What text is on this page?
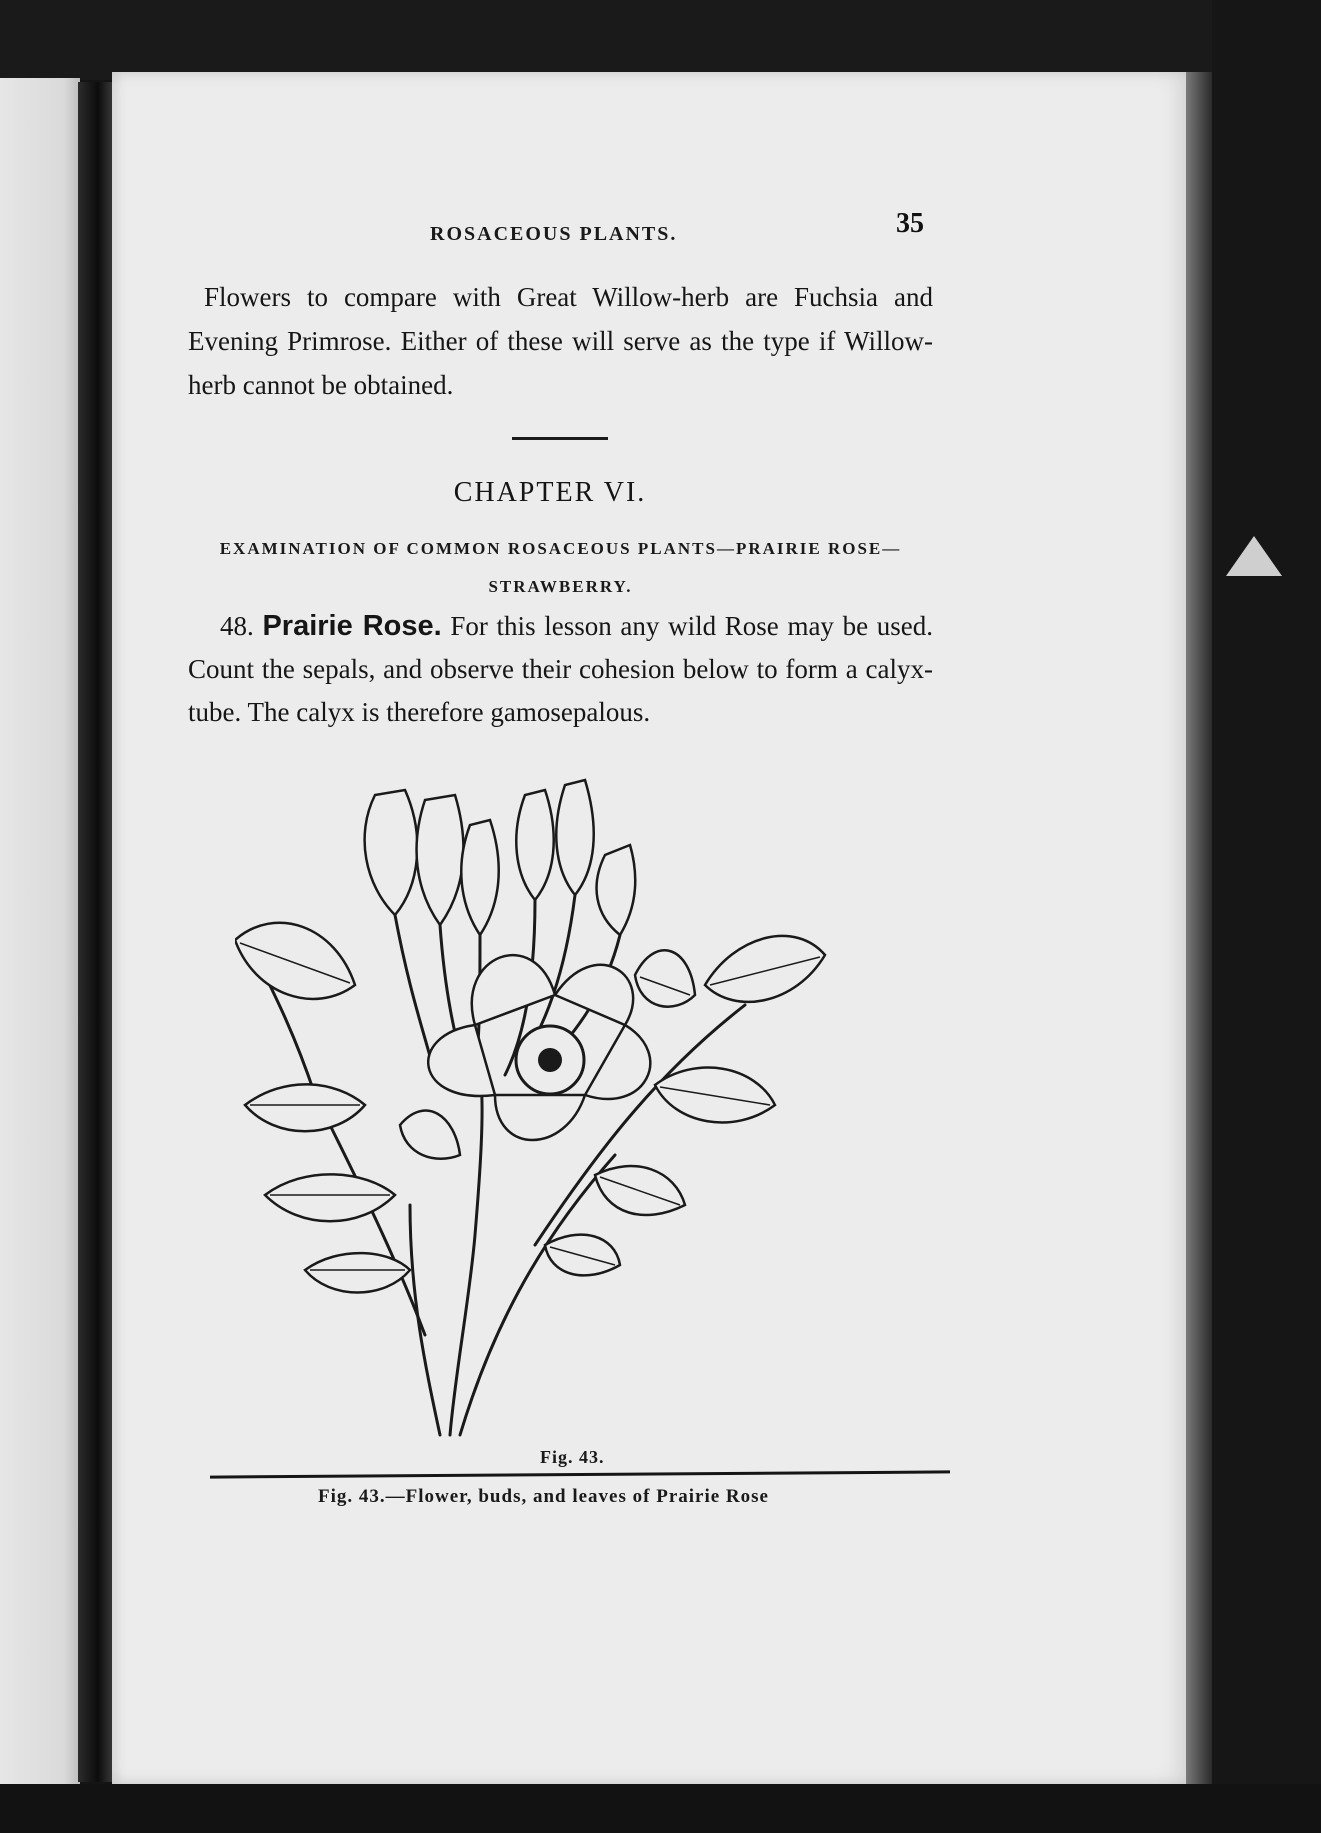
ROSACEOUS PLANTS.	35

Flowers to compare with Great Willow-herb are Fuchsia and Evening Primrose. Either of these will serve as the type if Willow-herb cannot be obtained.

CHAPTER VI.

EXAMINATION OF COMMON ROSACEOUS PLANTS—PRAIRIE ROSE—STRAWBERRY.

48. Prairie Rose. For this lesson any wild Rose may be used. Count the sepals, and observe their cohesion below to form a calyx-tube. The calyx is therefore gamosepalous.

Fig. 43.
Fig. 43.—Flower, buds, and leaves of Prairie Rose
